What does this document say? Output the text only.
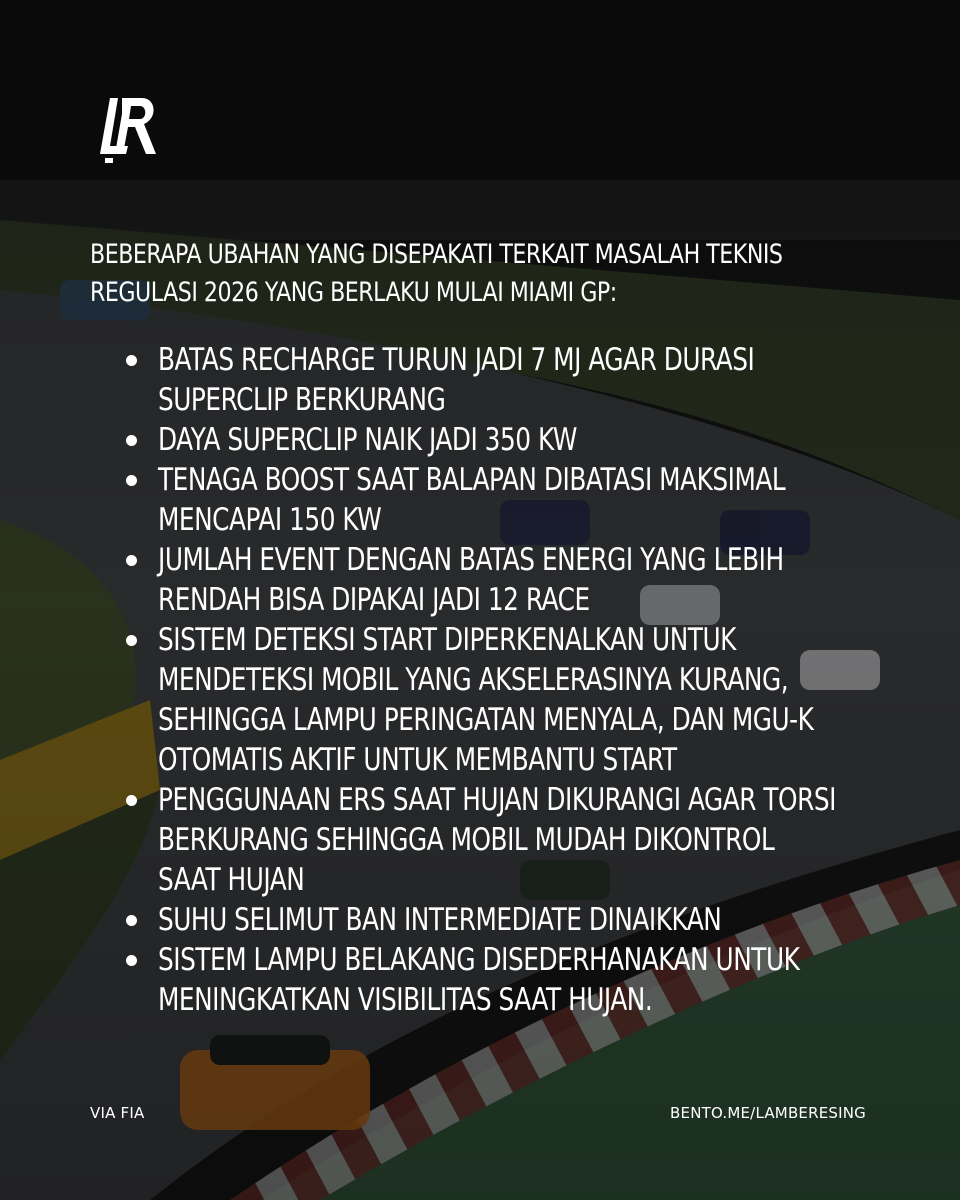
BEBERAPA UBAHAN YANG DISEPAKATI TERKAIT MASALAH TEKNIS REGULASI 2026 YANG BERLAKU MULAI MIAMI GP:

BATAS RECHARGE TURUN JADI 7 MJ AGAR DURASI SUPERCLIP BERKURANG
DAYA SUPERCLIP NAIK JADI 350 KW
TENAGA BOOST SAAT BALAPAN DIBATASI MAKSIMAL MENCAPAI 150 KW
JUMLAH EVENT DENGAN BATAS ENERGI YANG LEBIH RENDAH BISA DIPAKAI JADI 12 RACE
SISTEM DETEKSI START DIPERKENALKAN UNTUK MENDETEKSI MOBIL YANG AKSELERASINYA KURANG, SEHINGGA LAMPU PERINGATAN MENYALA, DAN MGU-K OTOMATIS AKTIF UNTUK MEMBANTU START
PENGGUNAAN ERS SAAT HUJAN DIKURANGI AGAR TORSI BERKURANG SEHINGGA MOBIL MUDAH DIKONTROL SAAT HUJAN
SUHU SELIMUT BAN INTERMEDIATE DINAIKKAN
SISTEM LAMPU BELAKANG DISEDERHANAKAN UNTUK MENINGKATKAN VISIBILITAS SAAT HUJAN.
VIA FIA	BENTO.ME/LAMBERESING
